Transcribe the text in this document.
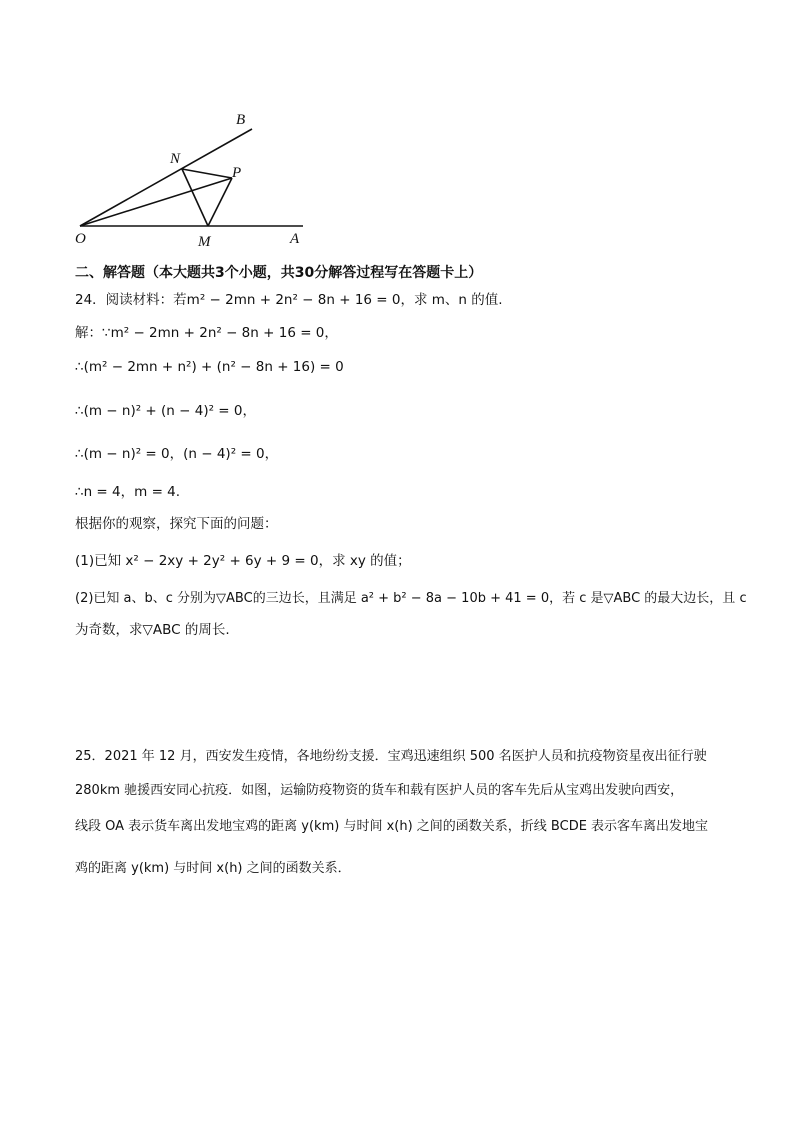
B
N
P
O	M	A
二、解答题（本大题共3个小题，共30分解答过程写在答题卡上）
24．阅读材料：若m² − 2mn + 2n² − 8n + 16 = 0，求 m、n 的值.
解：∵m² − 2mn + 2n² − 8n + 16 = 0，
∴(m² − 2mn + n²) + (n² − 8n + 16) = 0
∴(m − n)² + (n − 4)² = 0，
∴(m − n)² = 0，(n − 4)² = 0，
∴n = 4，m = 4.
根据你的观察，探究下面的问题：
(1)已知 x² − 2xy + 2y² + 6y + 9 = 0，求 xy 的值；
(2)已知 a、b、c 分别为▽ABC的三边长，且满足 a² + b² − 8a − 10b + 41 = 0，若 c 是▽ABC 的最大边长，且 c
为奇数，求▽ABC 的周长.
25．2021 年 12 月，西安发生疫情，各地纷纷支援．宝鸡迅速组织 500 名医护人员和抗疫物资星夜出征行驶
280km 驰援西安同心抗疫．如图，运输防疫物资的货车和载有医护人员的客车先后从宝鸡出发驶向西安，
线段 OA 表示货车离出发地宝鸡的距离 y(km) 与时间 x(h) 之间的函数关系，折线 BCDE 表示客车离出发地宝
鸡的距离 y(km) 与时间 x(h) 之间的函数关系．
